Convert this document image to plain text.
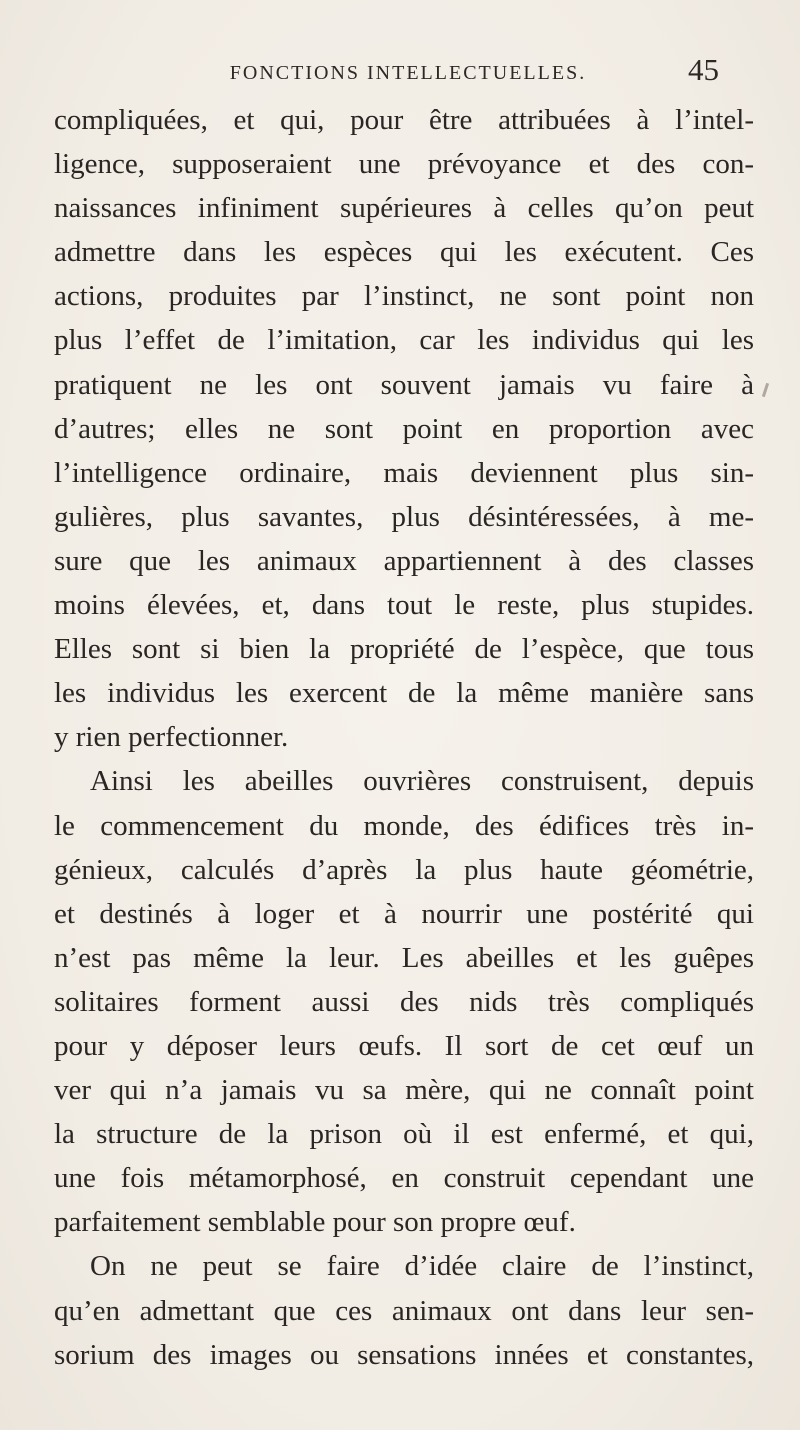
FONCTIONS INTELLECTUELLES.	45
compliquées, et qui, pour être attribuées à l’intel-
ligence, supposeraient une prévoyance et des con-
naissances infiniment supérieures à celles qu’on peut
admettre dans les espèces qui les exécutent. Ces
actions, produites par l’instinct, ne sont point non
plus l’effet de l’imitation, car les individus qui les
pratiquent ne les ont souvent jamais vu faire à
d’autres; elles ne sont point en proportion avec
l’intelligence ordinaire, mais deviennent plus sin-
gulières, plus savantes, plus désintéressées, à me-
sure que les animaux appartiennent à des classes
moins élevées, et, dans tout le reste, plus stupides.
Elles sont si bien la propriété de l’espèce, que tous
les individus les exercent de la même manière sans
y rien perfectionner.
Ainsi les abeilles ouvrières construisent, depuis
le commencement du monde, des édifices très in-
génieux, calculés d’après la plus haute géométrie,
et destinés à loger et à nourrir une postérité qui
n’est pas même la leur. Les abeilles et les guêpes
solitaires forment aussi des nids très compliqués
pour y déposer leurs œufs. Il sort de cet œuf un
ver qui n’a jamais vu sa mère, qui ne connaît point
la structure de la prison où il est enfermé, et qui,
une fois métamorphosé, en construit cependant une
parfaitement semblable pour son propre œuf.
On ne peut se faire d’idée claire de l’instinct,
qu’en admettant que ces animaux ont dans leur sen-
sorium des images ou sensations innées et constantes,
